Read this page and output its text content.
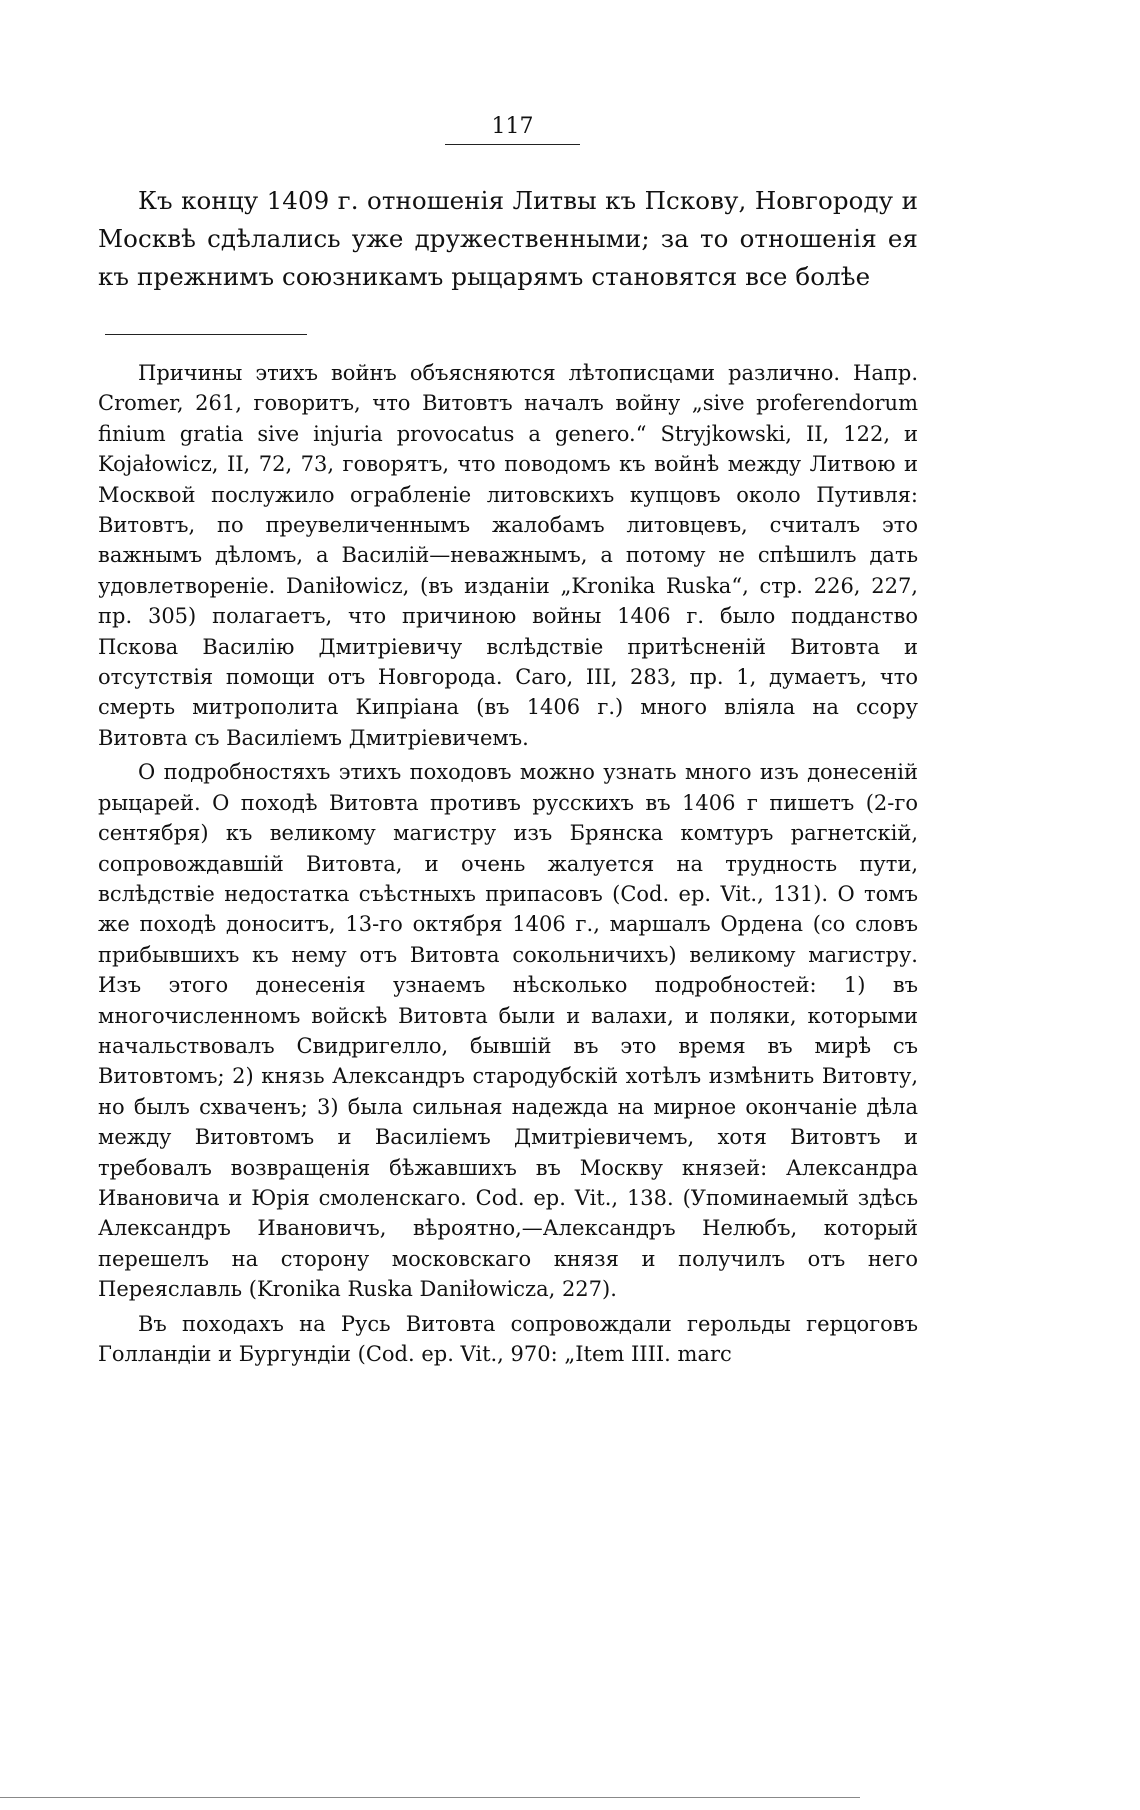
117

Къ концу 1409 г. отношенія Литвы къ Пскову, Новгороду и Москвѣ сдѣлались уже дружественными; за то отношенія ея къ прежнимъ союзникамъ рыцарямъ становятся все болѣе

Причины этихъ войнъ объясняются лѣтописцами различно. Напр. Cromer, 261, говоритъ, что Витовтъ началъ войну „sive proferendorum finium gratia sive injuria provocatus a genero.“ Stryjkowski, II, 122, и Kojałowicz, II, 72, 73, говорятъ, что поводомъ къ войнѣ между Литвою и Москвой послужило ограбленіе литовскихъ купцовъ около Путивля: Витовтъ, по преувеличеннымъ жалобамъ литовцевъ, считалъ это важнымъ дѣломъ, а Василій—неважнымъ, а потому не спѣшилъ дать удовлетвореніе. Daniłowicz, (въ изданіи „Kronika Ruska“, стр. 226, 227, пр. 305) полагаетъ, что причиною войны 1406 г. было подданство Пскова Василію Дмитріевичу вслѣдствіе притѣсненій Витовта и отсутствія помощи отъ Новгорода. Caro, III, 283, пр. 1, думаетъ, что смерть митрополита Кипріана (въ 1406 г.) много вліяла на ссору Витовта съ Василіемъ Дмитріевичемъ.

О подробностяхъ этихъ походовъ можно узнать много изъ донесеній рыцарей. О походѣ Витовта противъ русскихъ въ 1406 г пишетъ (2-го сентября) къ великому магистру изъ Брянска комтуръ рагнетскій, сопровождавшій Витовта, и очень жалуется на трудность пути, вслѣдствіе недостатка съѣстныхъ припасовъ (Cod. ep. Vit., 131). О томъ же походѣ доноситъ, 13-го октября 1406 г., маршалъ Ордена (со словъ прибывшихъ къ нему отъ Витовта сокольничихъ) великому магистру. Изъ этого донесенія узнаемъ нѣсколько подробностей: 1) въ многочисленномъ войскѣ Витовта были и валахи, и поляки, которыми начальствовалъ Свидригелло, бывшій въ это время въ мирѣ съ Витовтомъ; 2) князь Александръ стародубскій хотѣлъ измѣнить Витовту, но былъ схваченъ; 3) была сильная надежда на мирное окончаніе дѣла между Витовтомъ и Василіемъ Дмитріевичемъ, хотя Витовтъ и требовалъ возвращенія бѣжавшихъ въ Москву князей: Александра Ивановича и Юрія смоленскаго. Cod. ep. Vit., 138. (Упоминаемый здѣсь Александръ Ивановичъ, вѣроятно,—Александръ Нелюбъ, который перешелъ на сторону московскаго князя и получилъ отъ него Переяславль (Kronika Ruska Daniłowicza, 227).

Въ походахъ на Русь Витовта сопровождали герольды герцоговъ Голландіи и Бургундіи (Cod. ep. Vit., 970: „Item IIII. marc
